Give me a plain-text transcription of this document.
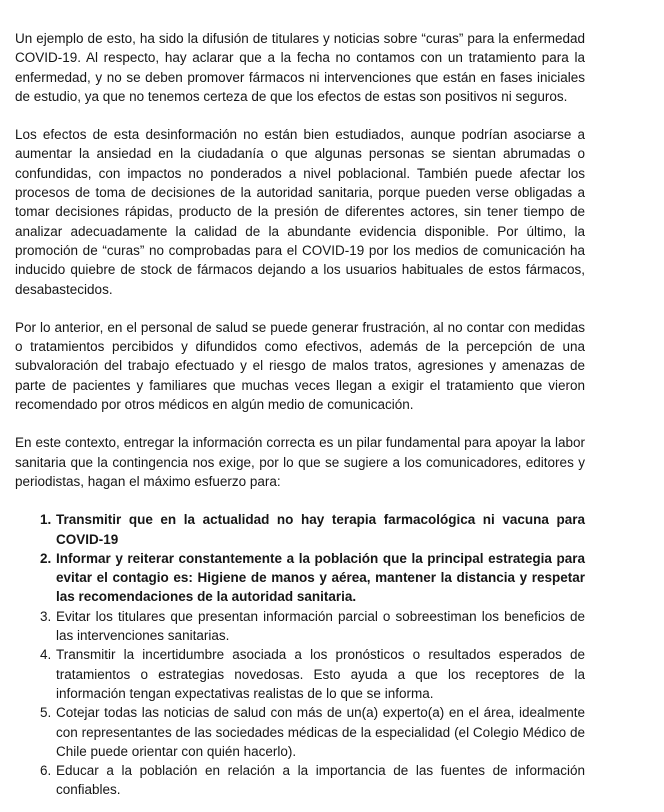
Un ejemplo de esto, ha sido la difusión de titulares y noticias sobre “curas” para la enfermedad COVID-19. Al respecto, hay aclarar que a la fecha no contamos con un tratamiento para la enfermedad, y no se deben promover fármacos ni intervenciones que están en fases iniciales de estudio, ya que no tenemos certeza de que los efectos de estas son positivos ni seguros.

Los efectos de esta desinformación no están bien estudiados, aunque podrían asociarse a aumentar la ansiedad en la ciudadanía o que algunas personas se sientan abrumadas o confundidas, con impactos no ponderados a nivel poblacional. También puede afectar los procesos de toma de decisiones de la autoridad sanitaria, porque pueden verse obligadas a tomar decisiones rápidas, producto de la presión de diferentes actores, sin tener tiempo de analizar adecuadamente la calidad de la abundante evidencia disponible. Por último, la promoción de “curas” no comprobadas para el COVID-19 por los medios de comunicación ha inducido quiebre de stock de fármacos dejando a los usuarios habituales de estos fármacos, desabastecidos.

Por lo anterior, en el personal de salud se puede generar frustración, al no contar con medidas o tratamientos percibidos y difundidos como efectivos, además de la percepción de una subvaloración del trabajo efectuado y el riesgo de malos tratos, agresiones y amenazas de parte de pacientes y familiares que muchas veces llegan a exigir el tratamiento que vieron recomendado por otros médicos en algún medio de comunicación.

En este contexto, entregar la información correcta es un pilar fundamental para apoyar la labor sanitaria que la contingencia nos exige, por lo que se sugiere a los comunicadores, editores y periodistas, hagan el máximo esfuerzo para:

1. Transmitir que en la actualidad no hay terapia farmacológica ni vacuna para COVID-19
2. Informar y reiterar constantemente a la población que la principal estrategia para evitar el contagio es: Higiene de manos y aérea, mantener la distancia y respetar las recomendaciones de la autoridad sanitaria.
3. Evitar los titulares que presentan información parcial o sobreestiman los beneficios de las intervenciones sanitarias.
4. Transmitir la incertidumbre asociada a los pronósticos o resultados esperados de tratamientos o estrategias novedosas. Esto ayuda a que los receptores de la información tengan expectativas realistas de lo que se informa.
5. Cotejar todas las noticias de salud con más de un(a) experto(a) en el área, idealmente con representantes de las sociedades médicas de la especialidad (el Colegio Médico de Chile puede orientar con quién hacerlo).
6. Educar a la población en relación a la importancia de las fuentes de información confiables.
